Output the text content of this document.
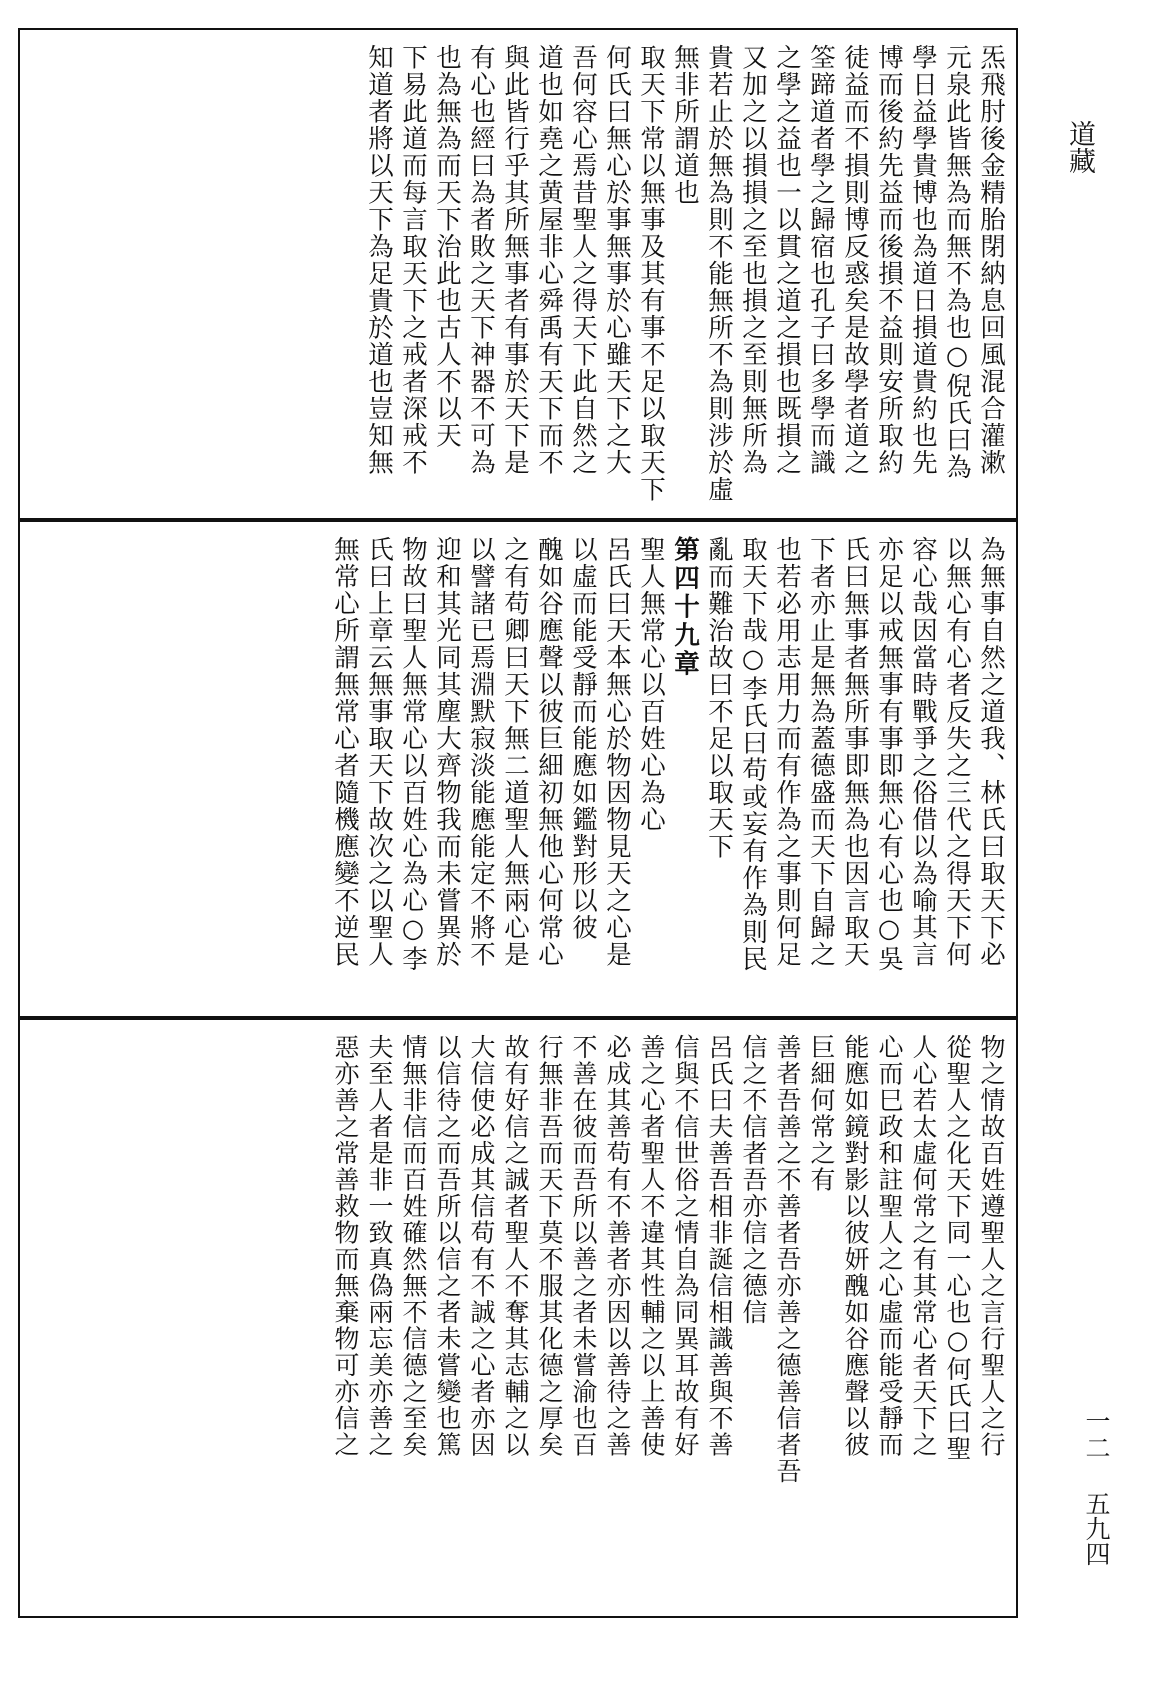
炁飛肘後金精胎閉納息回風混合灌漱
元泉此皆無為而無不為也○倪氏曰為
學日益學貴博也為道日損道貴約也先
博而後約先益而後損不益則安所取約
徒益而不損則博反惑矣是故學者道之
筌蹄道者學之歸宿也孔子曰多學而識
之學之益也一以貫之道之損也既損之
又加之以損損之至也損之至則無所為
貴若止於無為則不能無所不為則涉於虛
無非所謂道也
取天下常以無事及其有事不足以取天下
何氏曰無心於事無事於心雖天下之大
吾何容心焉昔聖人之得天下此自然之
道也如堯之黄屋非心舜禹有天下而不
與此皆行乎其所無事者有事於天下是
有心也經曰為者敗之天下神器不可為
也為無為而天下治此也古人不以天
下易此道而每言取天下之戒者深戒不
知道者將以天下為足貴於道也豈知無
為無事自然之道我、林氏曰取天下必
以無心有心者反失之三代之得天下何
容心哉因當時戰爭之俗借以為喻其言
亦足以戒無事有事即無心有心也○吳
氏曰無事者無所事即無為也因言取天
下者亦止是無為蓋德盛而天下自歸之
也若必用志用力而有作為之事則何足
取天下哉○李氏曰苟或妄有作為則民
亂而難治故曰不足以取天下
第四十九章
聖人無常心以百姓心為心
呂氏曰天本無心於物因物見天之心是
以虛而能受靜而能應如鑑對形以彼
醜如谷應聲以彼巨細初無他心何常心
之有苟卿曰天下無二道聖人無兩心是
以譬諸已焉淵默寂淡能應能定不將不
迎和其光同其塵大齊物我而未嘗異於
物故曰聖人無常心以百姓心為心○李
氏曰上章云無事取天下故次之以聖人
無常心所謂無常心者隨機應變不逆民
物之情故百姓遵聖人之言行聖人之行
從聖人之化天下同一心也○何氏曰聖
人心若太虛何常之有其常心者天下之
心而巳政和註聖人之心虛而能受靜而
能應如鏡對影以彼妍醜如谷應聲以彼
巨細何常之有
善者吾善之不善者吾亦善之德善信者吾
信之不信者吾亦信之德信
呂氏曰夫善吾相非誕信相識善與不善
信與不信世俗之情自為同異耳故有好
善之心者聖人不違其性輔之以上善使
必成其善苟有不善者亦因以善待之善
不善在彼而吾所以善之者未嘗渝也百
行無非吾而天下莫不服其化德之厚矣
故有好信之誠者聖人不奪其志輔之以
大信使必成其信苟有不誠之心者亦因
以信待之而吾所以信之者未嘗變也篤
情無非信而百姓確然無不信德之至矣
夫至人者是非一致真偽兩忘美亦善之
惡亦善之常善救物而無棄物可亦信之
道藏
一二 五九四
